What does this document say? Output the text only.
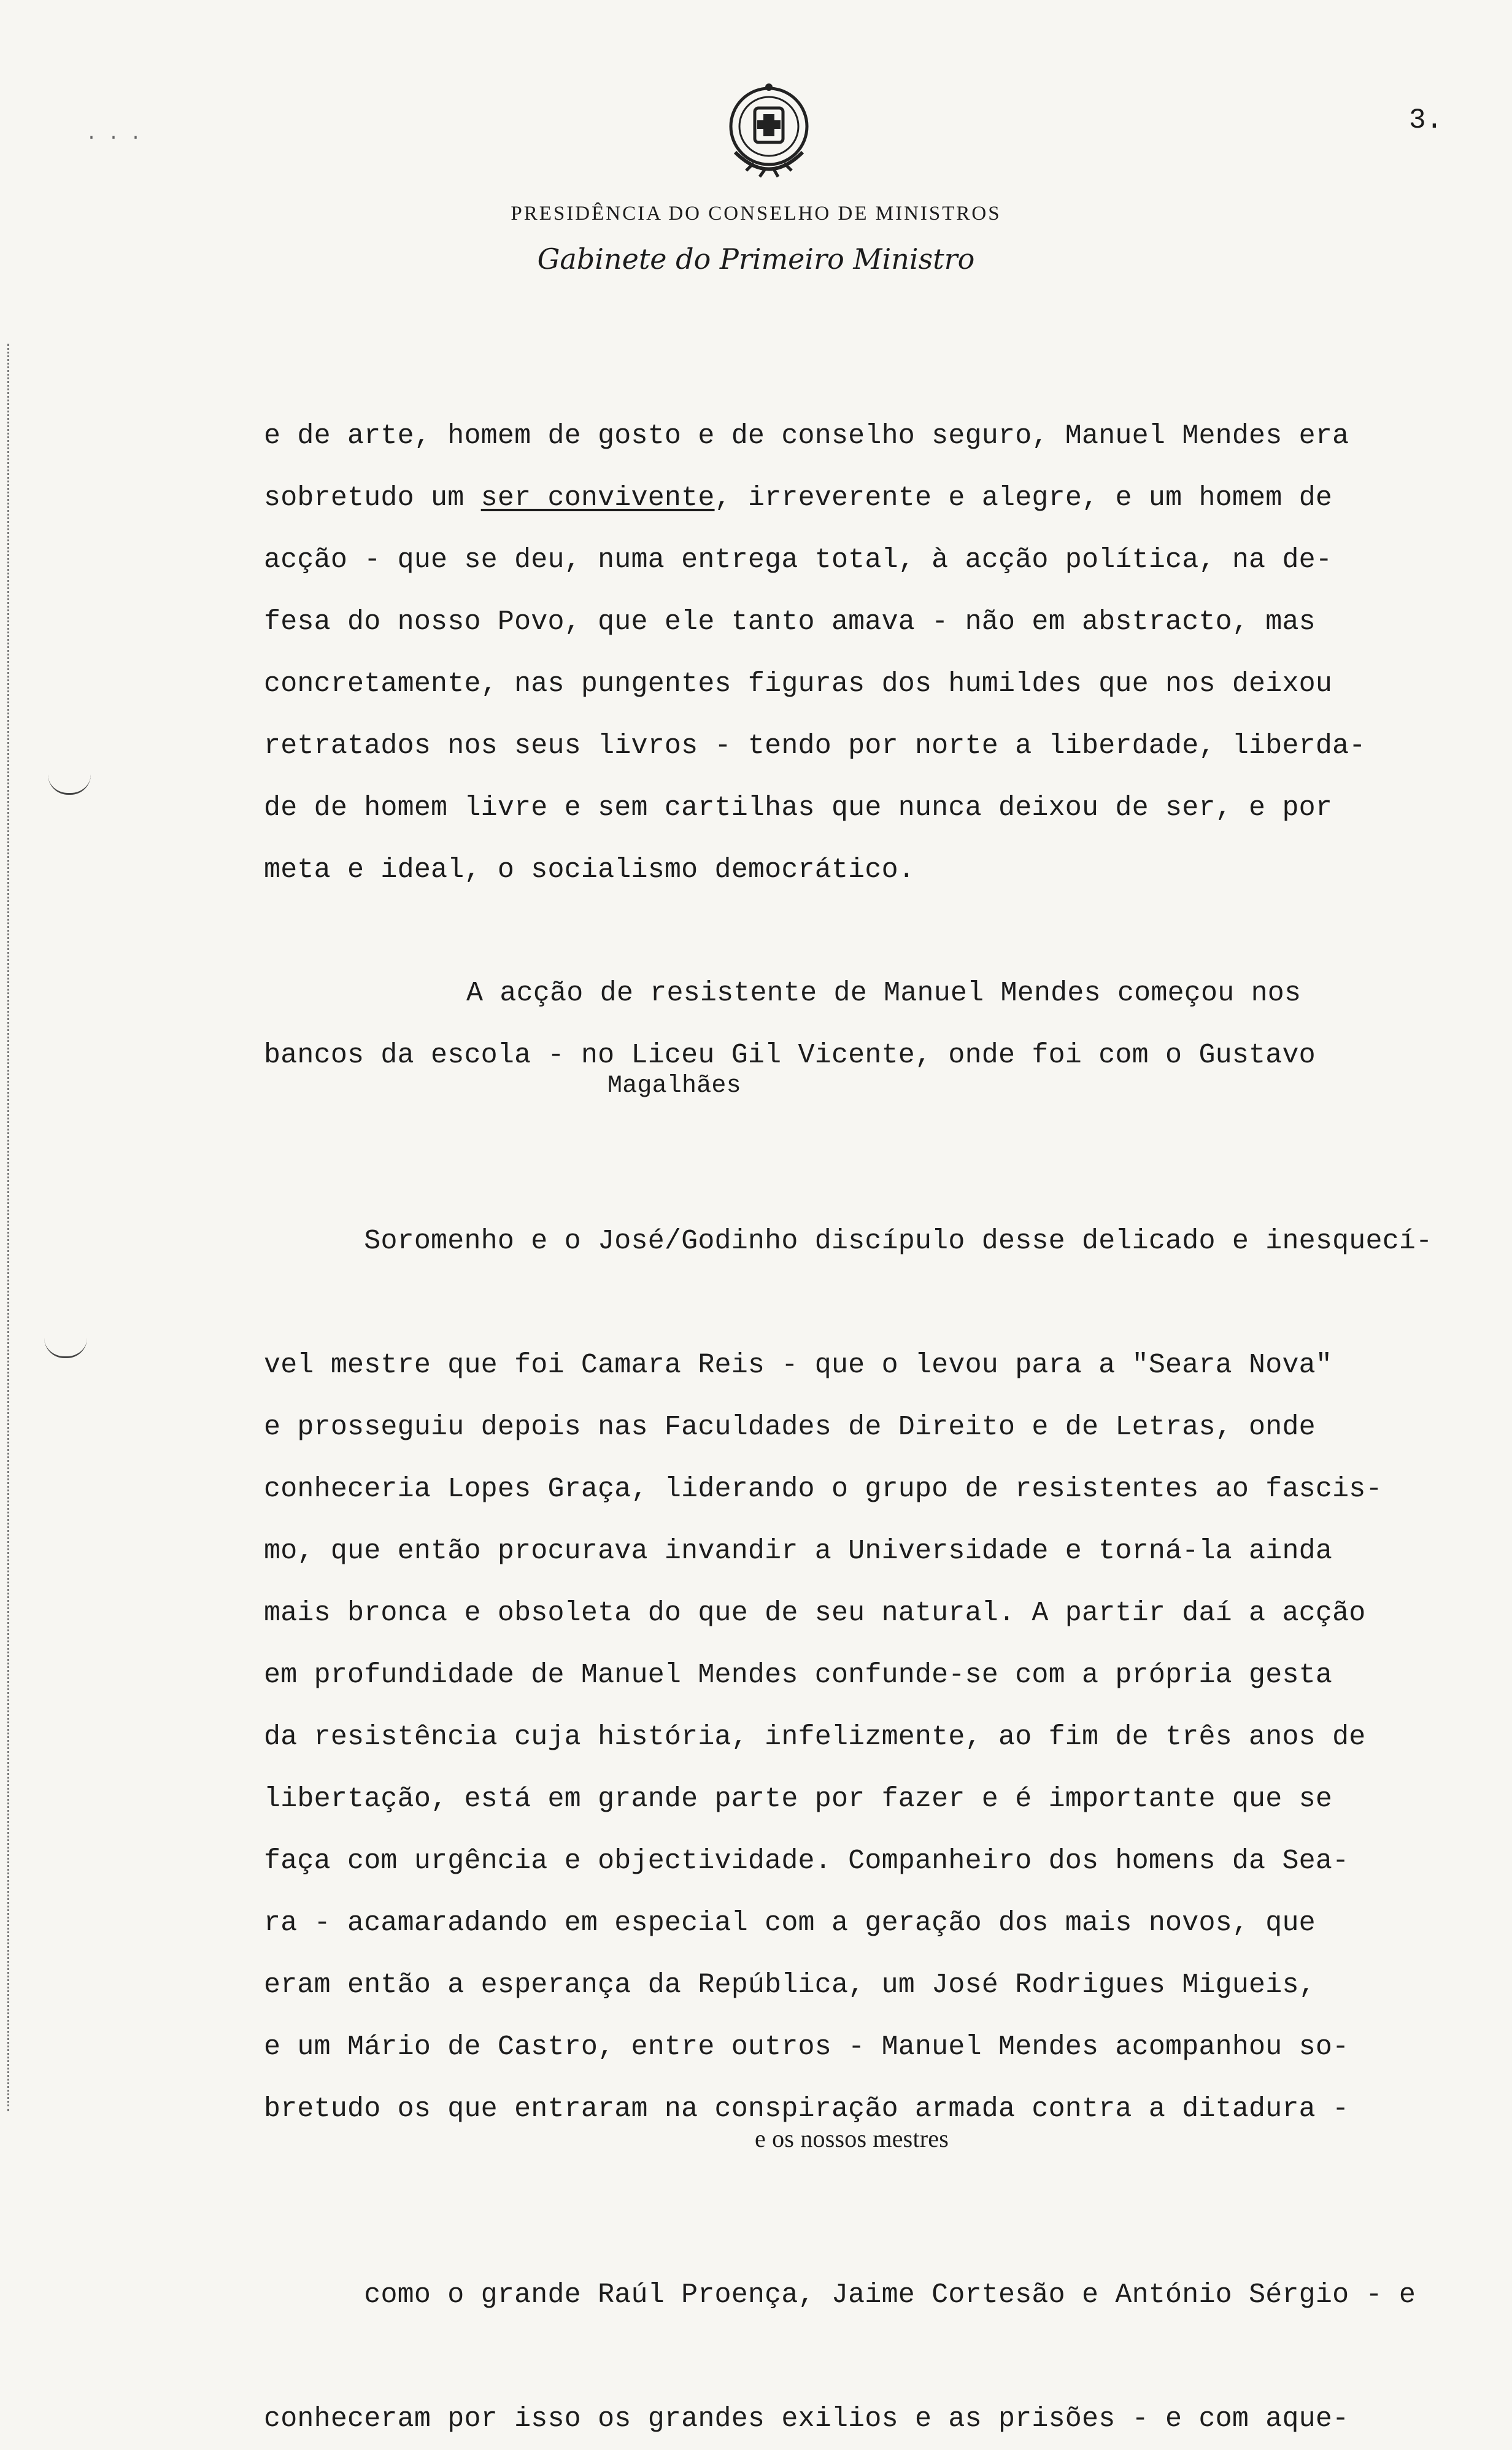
· · ·
3.
PRESIDÊNCIA DO CONSELHO DE MINISTROS
Gabinete do Primeiro Ministro
e de arte, homem de gosto e de conselho seguro, Manuel Mendes era
sobretudo um ser convivente, irreverente e alegre, e um homem de
acção - que se deu, numa entrega total, à acção política, na de-
fesa do nosso Povo, que ele tanto amava - não em abstracto, mas
concretamente, nas pungentes figuras dos humildes que nos deixou
retratados nos seus livros - tendo por norte a liberdade, liberda-
de de homem livre e sem cartilhas que nunca deixou de ser, e por
meta e ideal, o socialismo democrático.
A acção de resistente de Manuel Mendes começou nos
bancos da escola - no Liceu Gil Vicente, onde foi com o Gustavo

Magalhães

Soromenho e o José/Godinho discípulo desse delicado e inesquecí-

vel mestre que foi Camara Reis - que o levou para a "Seara Nova"
e prosseguiu depois nas Faculdades de Direito e de Letras, onde
conheceria Lopes Graça, liderando o grupo de resistentes ao fascis-
mo, que então procurava invandir a Universidade e torná-la ainda
mais bronca e obsoleta do que de seu natural. A partir daí a acção
em profundidade de Manuel Mendes confunde-se com a própria gesta
da resistência cuja história, infelizmente, ao fim de três anos de
libertação, está em grande parte por fazer e é importante que se
faça com urgência e objectividade. Companheiro dos homens da Sea-
ra - acamaradando em especial com a geração dos mais novos, que
eram então a esperança da República, um José Rodrigues Migueis,
e um Mário de Castro, entre outros - Manuel Mendes acompanhou so-
bretudo os que entraram na conspiração armada contra a ditadura -

e os nossos mestres

como o grande Raúl Proença, Jaime Cortesão e António Sérgio - e

conheceram por isso os grandes exilios e as prisões - e com aque-
